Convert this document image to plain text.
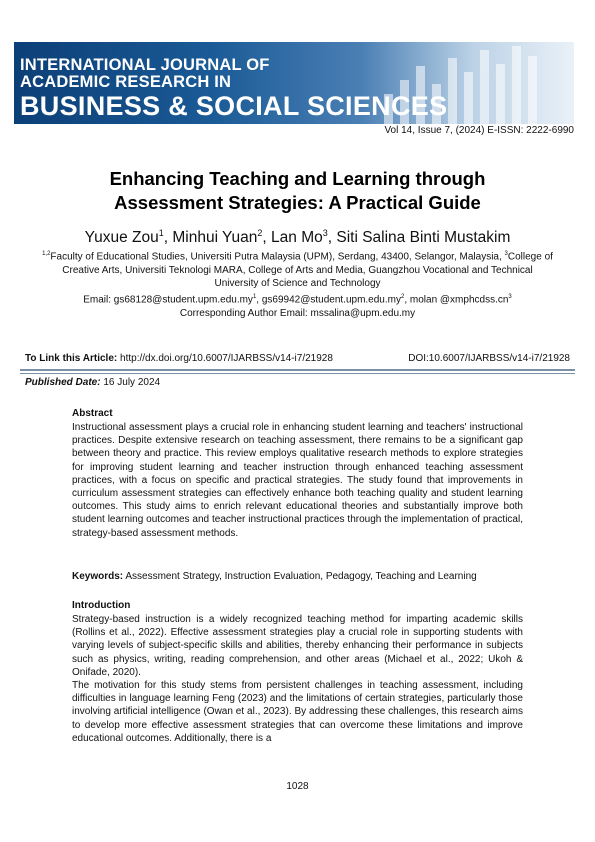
INTERNATIONAL JOURNAL OF
ACADEMIC RESEARCH IN
BUSINESS & SOCIAL SCIENCES
14
Vol 14, Issue 7, (2024) E-ISSN: 2222-6990
Enhancing Teaching and Learning through Assessment Strategies: A Practical Guide
Yuxue Zou$^1$, Minhui Yuan$^2$, Lan Mo$^3$, Siti Salina Binti Mustakim
$^{1,2}$Faculty of Educational Studies, Universiti Putra Malaysia (UPM), Serdang, 43400, Selangor, Malaysia, $^3$College of Creative Arts, Universiti Teknologi MARA, College of Arts and Media, Guangzhou Vocational and Technical University of Science and Technology
Email: $gs68128@student.upm.edu.my^1$, $gs69942@student.upm.edu.my^2$, molan $@xmphcdss.cn^3$
Corresponding Author Email: mssalina@upm.edu.my
To Link this Article: http://dx.doi.org/10.6007/IJARBSS/v14-i7/21928	DOI:10.6007/IJARBSS/v14-i7/21928
Published Date: 16 July 2024
Abstract
Instructional assessment plays a crucial role in enhancing student learning and teachers' instructional practices. Despite extensive research on teaching assessment, there remains to be a significant gap between theory and practice. This review employs qualitative research methods to explore strategies for improving student learning and teacher instruction through enhanced teaching assessment practices, with a focus on specific and practical strategies. The study found that improvements in curriculum assessment strategies can effectively enhance both teaching quality and student learning outcomes. This study aims to enrich relevant educational theories and substantially improve both student learning outcomes and teacher instructional practices through the implementation of practical, strategy-based assessment methods.
Keywords: Assessment Strategy, Instruction Evaluation, Pedagogy, Teaching and Learning
Introduction
Strategy-based instruction is a widely recognized teaching method for imparting academic skills (Rollins et al., 2022). Effective assessment strategies play a crucial role in supporting students with varying levels of subject-specific skills and abilities, thereby enhancing their performance in subjects such as physics, writing, reading comprehension, and other areas (Michael et al., 2022; Ukoh & Onifade, 2020).
The motivation for this study stems from persistent challenges in teaching assessment, including difficulties in language learning Feng (2023) and the limitations of certain strategies, particularly those involving artificial intelligence (Owan et al., 2023). By addressing these challenges, this research aims to develop more effective assessment strategies that can overcome these limitations and improve educational outcomes. Additionally, there is a
1028
